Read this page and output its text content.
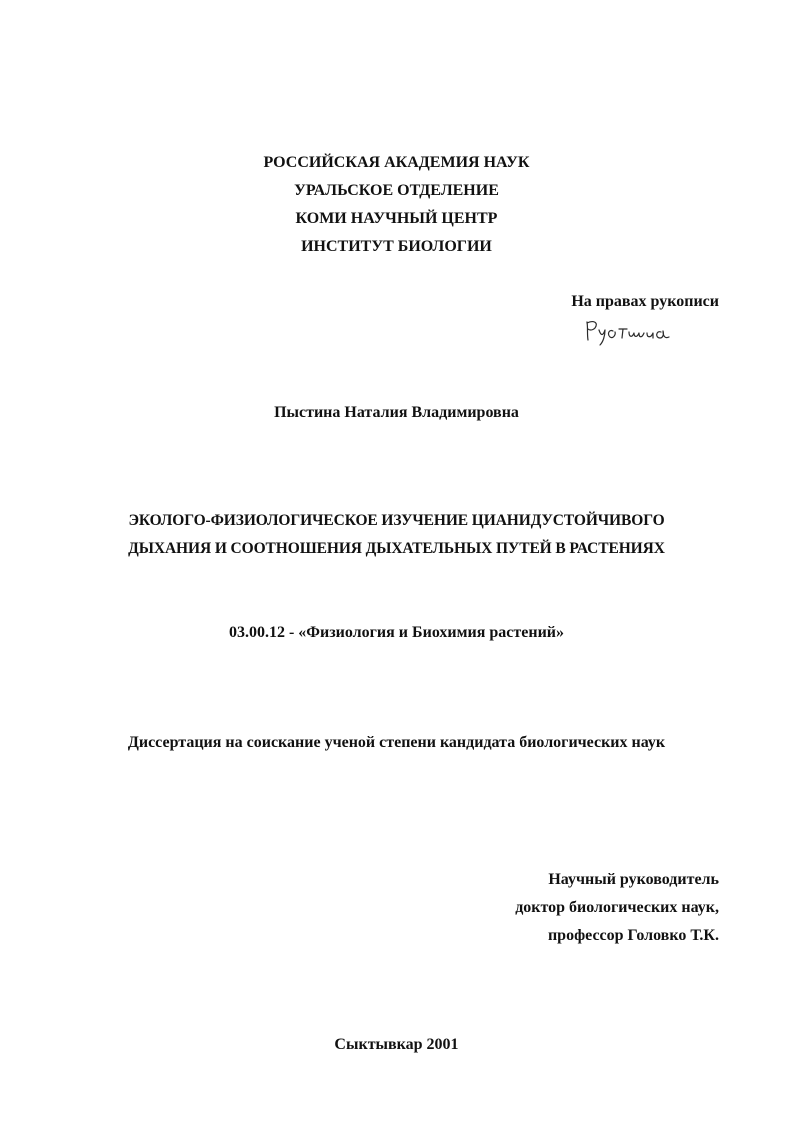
РОССИЙСКАЯ АКАДЕМИЯ НАУК
УРАЛЬСКОЕ ОТДЕЛЕНИЕ
КОМИ НАУЧНЫЙ ЦЕНТР
ИНСТИТУТ БИОЛОГИИ
На правах рукописи
Пыстина Наталия Владимировна
ЭКОЛОГО-ФИЗИОЛОГИЧЕСКОЕ ИЗУЧЕНИЕ ЦИАНИДУСТОЙЧИВОГО
ДЫХАНИЯ И СООТНОШЕНИЯ ДЫХАТЕЛЬНЫХ ПУТЕЙ В РАСТЕНИЯХ
03.00.12 - «Физиология и Биохимия растений»
Диссертация на соискание ученой степени кандидата биологических наук
Научный руководитель
доктор биологических наук,
профессор Головко Т.К.
Сыктывкар 2001
